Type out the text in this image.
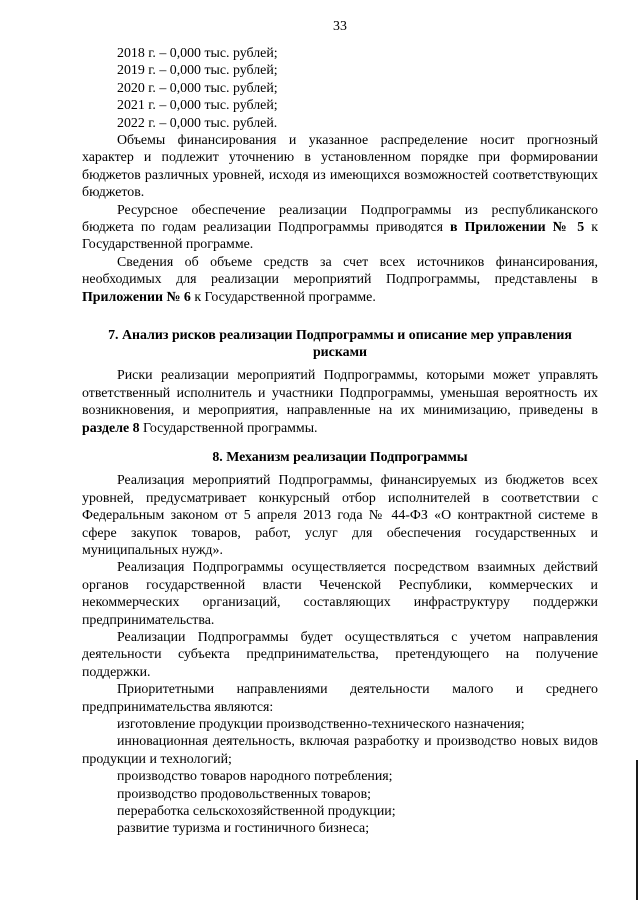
33
2018 г. – 0,000 тыс. рублей;
2019 г. – 0,000 тыс. рублей;
2020 г. – 0,000 тыс. рублей;
2021 г. – 0,000 тыс. рублей;
2022 г. – 0,000 тыс. рублей.

Объемы финансирования и указанное распределение носит прогнозный характер и подлежит уточнению в установленном порядке при формировании бюджетов различных уровней, исходя из имеющихся возможностей соответствующих бюджетов.

Ресурсное обеспечение реализации Подпрограммы из республиканского бюджета по годам реализации Подпрограммы приводятся в Приложении № 5 к Государственной программе.

Сведения об объеме средств за счет всех источников финансирования, необходимых для реализации мероприятий Подпрограммы, представлены в Приложении № 6 к Государственной программе.

7. Анализ рисков реализации Подпрограммы и описание мер управления
рисками

Риски реализации мероприятий Подпрограммы, которыми может управлять ответственный исполнитель и участники Подпрограммы, уменьшая вероятность их возникновения, и мероприятия, направленные на их минимизацию, приведены в разделе 8 Государственной программы.

8. Механизм реализации Подпрограммы

Реализация мероприятий Подпрограммы, финансируемых из бюджетов всех уровней, предусматривает конкурсный отбор исполнителей в соответствии с Федеральным законом от 5 апреля 2013 года № 44-ФЗ «О контрактной системе в сфере закупок товаров, работ, услуг для обеспечения государственных и муниципальных нужд».

Реализация Подпрограммы осуществляется посредством взаимных действий органов государственной власти Чеченской Республики, коммерческих и некоммерческих организаций, составляющих инфраструктуру поддержки предпринимательства.

Реализации Подпрограммы будет осуществляться с учетом направления деятельности субъекта предпринимательства, претендующего на получение поддержки.

Приоритетными направлениями деятельности малого и среднего предпринимательства являются:

изготовление продукции производственно-технического назначения;

инновационная деятельность, включая разработку и производство новых видов продукции и технологий;

производство товаров народного потребления;

производство продовольственных товаров;

переработка сельскохозяйственной продукции;

развитие туризма и гостиничного бизнеса;
